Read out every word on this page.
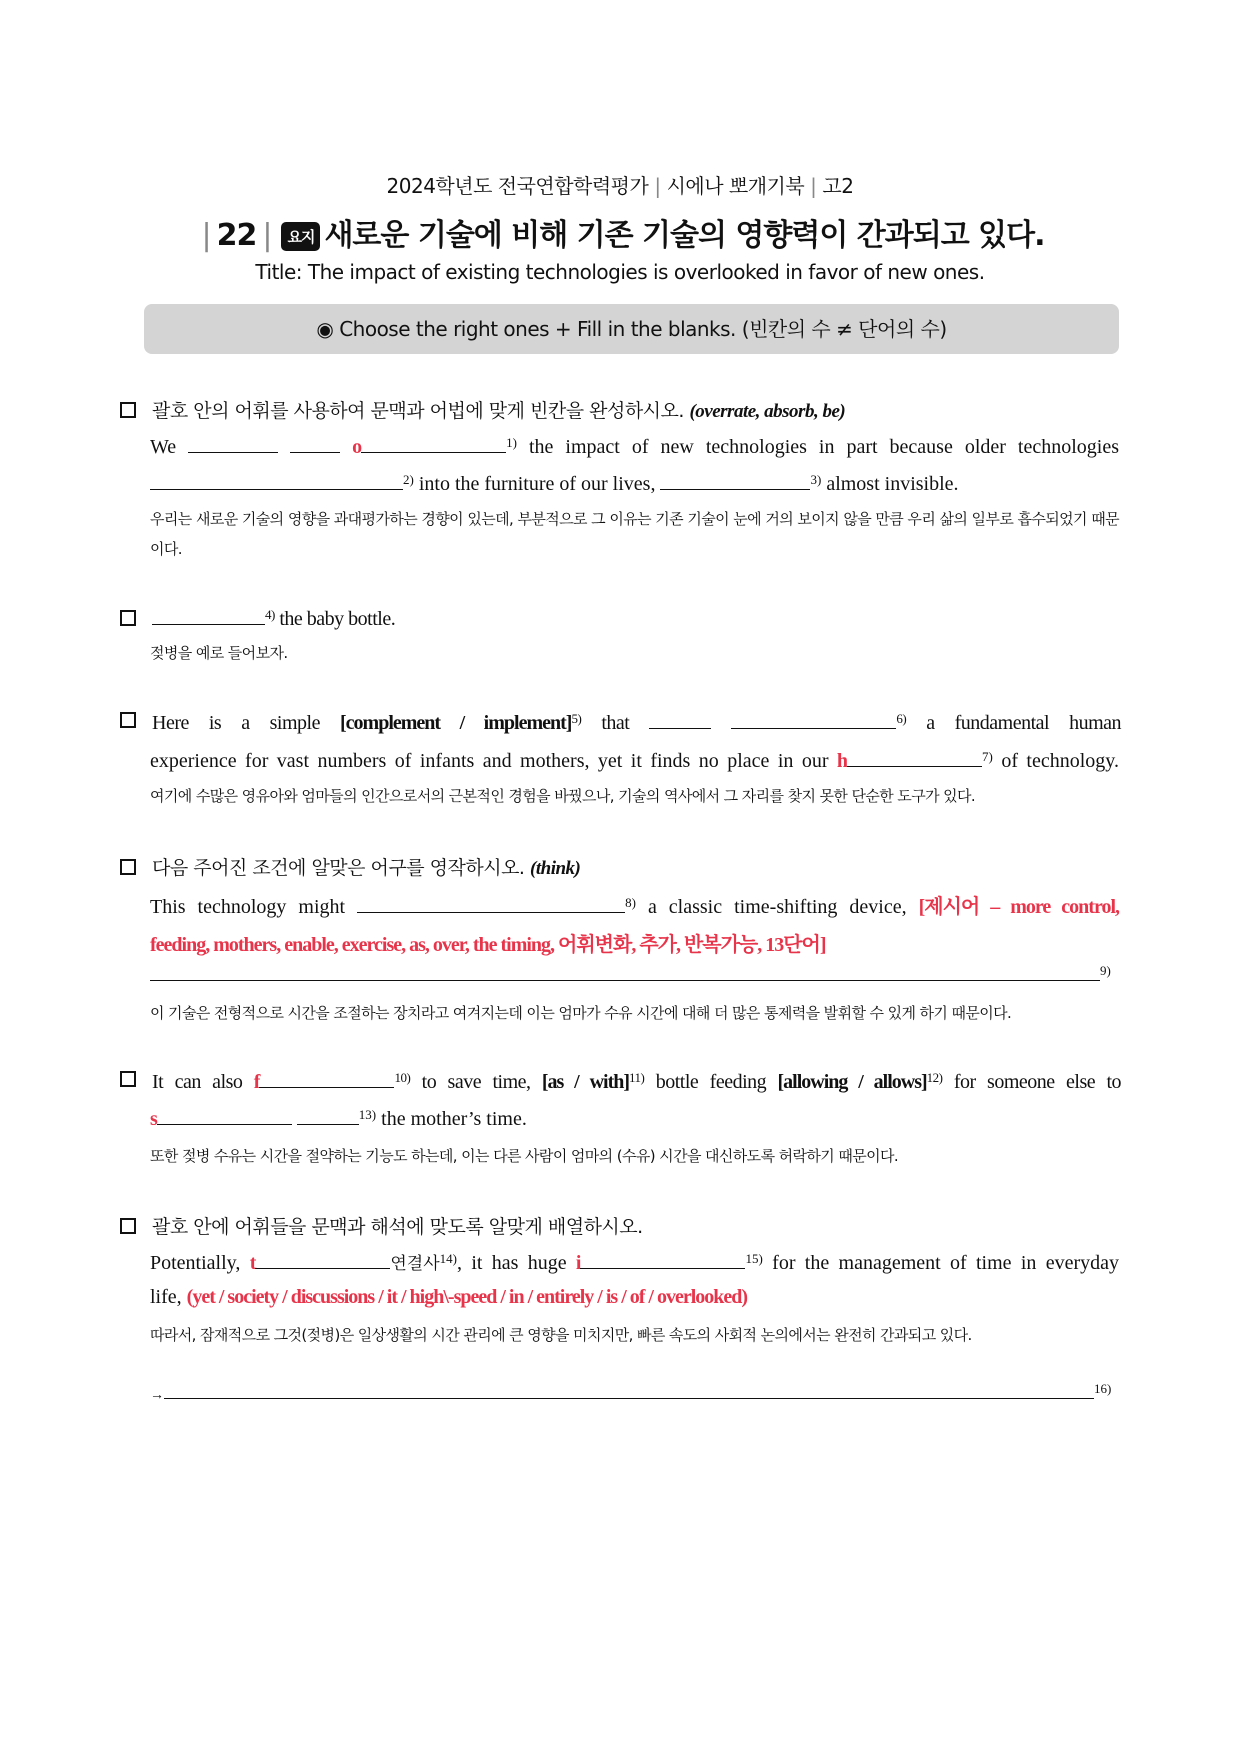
2024학년도 전국연합학력평가 | 시에나 뽀개기북 | 고2
| 22 | 요지 새로운 기술에 비해 기존 기술의 영향력이 간과되고 있다.
Title: The impact of existing technologies is overlooked in favor of new ones.
◉ Choose the right ones + Fill in the blanks. (빈칸의 수 ≠ 단어의 수)
괄호 안의 어휘를 사용하여 문맥과 어법에 맞게 빈칸을 완성하시오. (overrate, absorb, be)
We	o	$^{1)}$ the impact of new technologies in part because older technologies
$^{2)}$ into the furniture of our lives,	$^{3)}$ almost invisible.
우리는 새로운 기술의 영향을 과대평가하는 경향이 있는데, 부분적으로 그 이유는 기존 기술이 눈에 거의 보이지 않을 만큼 우리 삶의 일부로 흡수되었기 때문이다.
$^{4)}$ the baby bottle.
젖병을 예로 들어보자.
Here is a simple [complement / implement]$^{5)}$ that	$^{6)}$ a fundamental human
experience for vast numbers of infants and mothers, yet it finds no place in our h	$^{7)}$ of technology.
여기에 수많은 영유아와 엄마들의 인간으로서의 근본적인 경험을 바꿨으나, 기술의 역사에서 그 자리를 찾지 못한 단순한 도구가 있다.
다음 주어진 조건에 알맞은 어구를 영작하시오. (think)
This technology might	$^{8)}$ a classic time-shifting device, [제시어 – more control,
feeding, mothers, enable, exercise, as, over, the timing, 어휘변화, 추가, 반복가능, 13단어]
$^{9)}$
이 기술은 전형적으로 시간을 조절하는 장치라고 여겨지는데 이는 엄마가 수유 시간에 대해 더 많은 통제력을 발휘할 수 있게 하기 때문이다.
It can also f	$^{10)}$ to save time, [as / with]$^{11)}$ bottle feeding [allowing / allows]$^{12)}$ for someone else to
s	$^{13)}$ the mother’s time.
또한 젖병 수유는 시간을 절약하는 기능도 하는데, 이는 다른 사람이 엄마의 (수유) 시간을 대신하도록 허락하기 때문이다.
괄호 안에 어휘들을 문맥과 해석에 맞도록 알맞게 배열하시오.
Potentially, t	연결사$^{14)}$, it has huge i	$^{15)}$ for the management of time in everyday
life, (yet / society / discussions / it / high\-speed / in / entirely / is / of / overlooked)
따라서, 잠재적으로 그것(젖병)은 일상생활의 시간 관리에 큰 영향을 미치지만, 빠른 속도의 사회적 논의에서는 완전히 간과되고 있다.
→	$^{16)}$
